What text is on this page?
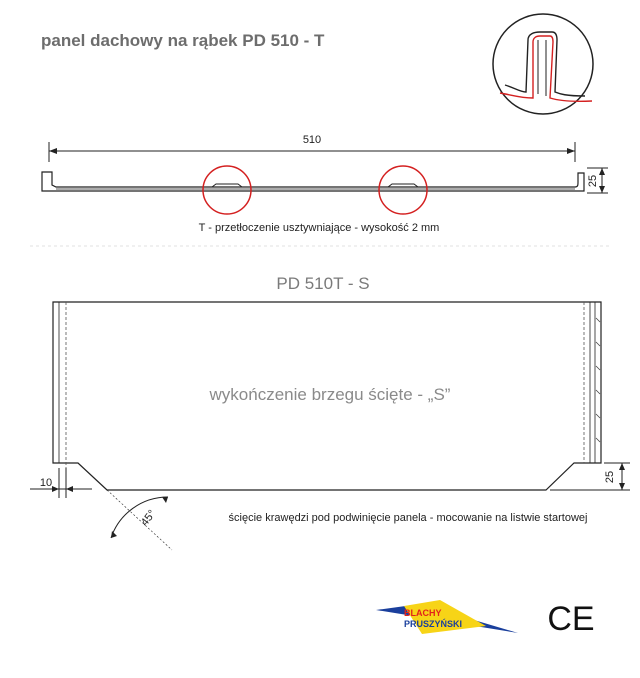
panel dachowy na rąbek PD 510 - T
510
25
T - przetłoczenie usztywniające - wysokość 2 mm
PD 510T - S
wykończenie brzegu ścięte - „S”
10	25
45°	ścięcie krawędzi pod podwinięcie panela - mocowanie na listwie startowej
BLACHY
PRUSZYŃSKI	CE
